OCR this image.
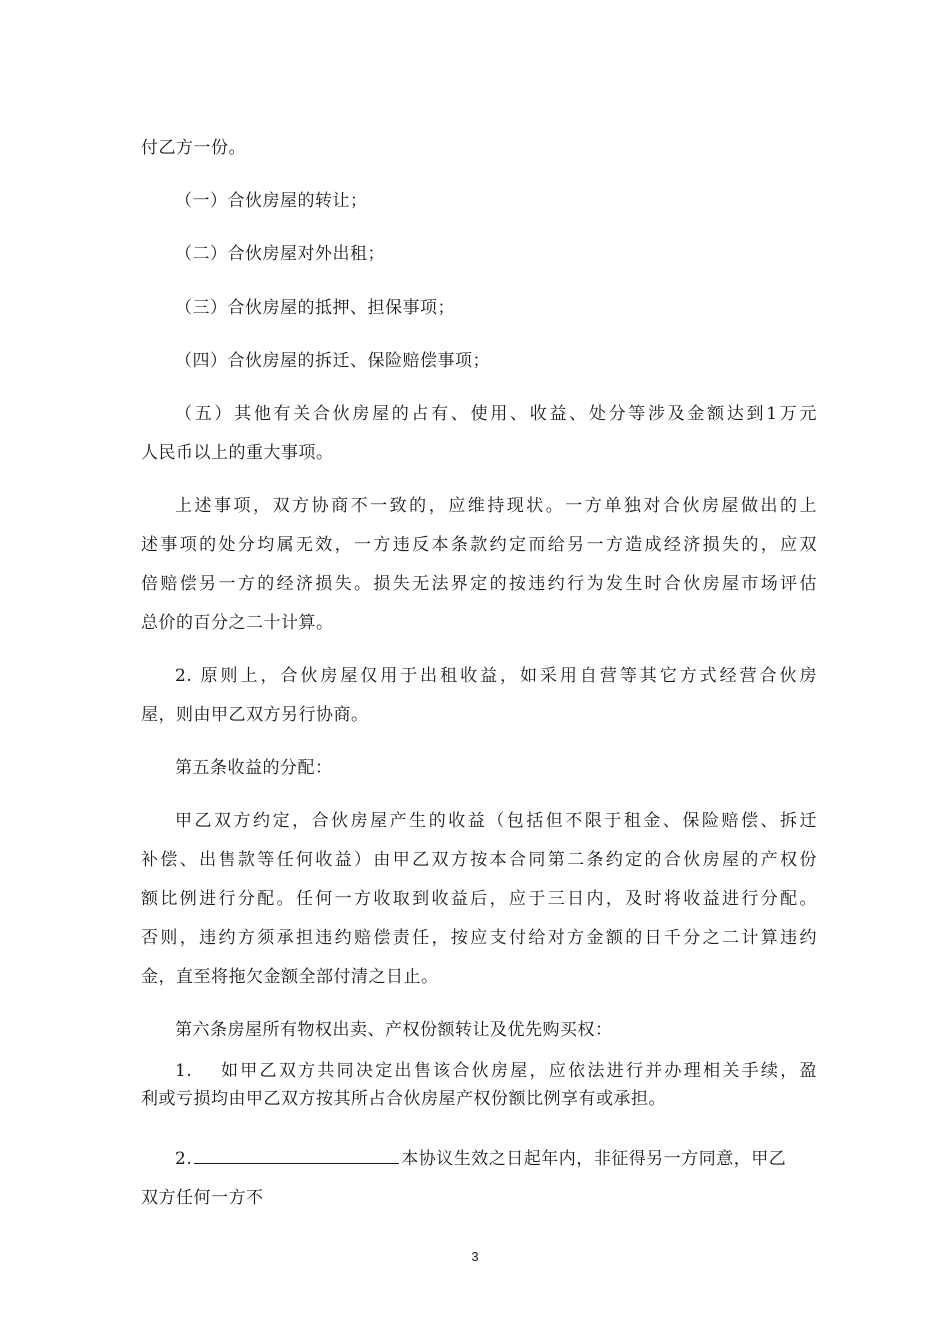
付乙方一份。
（一）合伙房屋的转让；
（二）合伙房屋对外出租；
（三）合伙房屋的抵押、担保事项；
（四）合伙房屋的拆迁、保险赔偿事项；
（五）其他有关合伙房屋的占有、使用、收益、处分等涉及金额达到1万元
人民币以上的重大事项。
上述事项，双方协商不一致的，应维持现状。一方单独对合伙房屋做出的上
述事项的处分均属无效，一方违反本条款约定而给另一方造成经济损失的，应双
倍赔偿另一方的经济损失。损失无法界定的按违约行为发生时合伙房屋市场评估
总价的百分之二十计算。
2. 原则上，合伙房屋仅用于出租收益，如采用自营等其它方式经营合伙房
屋，则由甲乙双方另行协商。
第五条收益的分配：
甲乙双方约定，合伙房屋产生的收益（包括但不限于租金、保险赔偿、拆迁
补偿、出售款等任何收益）由甲乙双方按本合同第二条约定的合伙房屋的产权份
额比例进行分配。任何一方收取到收益后，应于三日内，及时将收益进行分配。
否则，违约方须承担违约赔偿责任，按应支付给对方金额的日千分之二计算违约
金，直至将拖欠金额全部付清之日止。
第六条房屋所有物权出卖、产权份额转让及优先购买权：
1.　 如甲乙双方共同决定出售该合伙房屋，应依法进行并办理相关手续，盈
利或亏损均由甲乙双方按其所占合伙房屋产权份额比例享有或承担。
2.	本协议生效之日起年内，非征得另一方同意，甲乙
双方任何一方不
3
